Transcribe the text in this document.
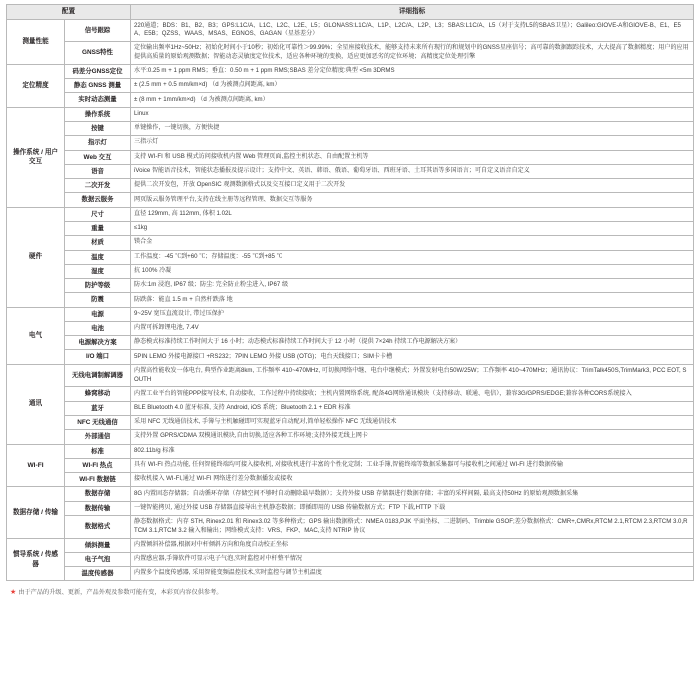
配置		详细指标
测量性能	信号跟踪	220通道；BDS：B1、B2、B3；GPS:L1C/A、L1C、L2C、L2E、L5；GLONASS:L1C/A、L1P、L2C/A、L2P、L3；SBAS:L1C/A、L5（对于支持L5的SBAS卫星）；Galileo:GIOVE-A和GIOVE-B、E1、E5A、E5B；QZSS、WAAS、MSAS、EGNOS、GAGAN（星基差分）
	GNSS特性	定位输出频率1Hz~50Hz；初始化时间小于10秒；初始化可靠性＞99.99%；全星座接收技术，能够支持未来所有现行的和规划中的GNSS星座信号；高可靠的数据跟踪技术，大大提高了数据精度；用户的应用提供高质量的原始观测数据；智能动态灵敏度定位技术，适应各种环境的变换，适应更加恶劣的定位环境；高精度定位处理引擎
定位精度	码差分GNSS定位	水平:0.25 m + 1 ppm RMS；垂直：0.50 m + 1 ppm RMS;SBAS 差分定位精度:典型 <5m 3DRMS
	静态 GNSS 测量	± (2.5 mm + 0.5 mm/km×d) （d 为被测点间距离, km）
	实时动态测量	± (8 mm + 1mm/km×d) （d 为被测点间距离, km）
操作系统 / 用户交互	操作系统	Linux
	按键	单键操作，一键切换，方便快捷
	指示灯	三指示灯
	Web 交互	支持 WI-FI 和 USB 模式访问接收机内置 Web 管理页面,监控主机状态、自由配置主机等
	语音	iVoice 智能语音技术，智能状态播报及提示设计；支持中文、英语、韩语、俄语、葡萄牙语、西班牙语、土耳其语等多国语言；可自定义语音自定义
	二次开发	提供二次开发包，开放 OpenSIC 观测数据格式以及交互接口定义用于二次开发
	数据云服务	网页版云服务管理平台,支持在线主册等远程管理、数据交互等服务
硬件	尺寸	直径 129mm, 高 112mm, 体积 1.02L
	重量	≤1kg
	材质	镁合金
	温度	工作温度：-45 ℃到+60 ℃；存储温度：-55 ℃到+85 ℃
	湿度	抗 100% 冷凝
	防护等级	防水:1m 浸泡, IP67 级；防尘: 完全防止粉尘进入, IP67 级
	防震	防跌落：能直 1.5 m + 自然杆跌落 地
电气	电源	9~25V 宽压直流设计, 带过压保护
	电池	内置可拆卸锂电池, 7.4V
	电源解决方案	静态模式标准持续工作时间大于 16 小时；动态模式标准持续工作时间大于 12 小时（提供 7×24h 持续工作电源解决方案）
	I/O 端口	5PIN LEMO 外接电源接口 +RS232；7PIN LEMO 外接 USB (OTG)；电台天线接口；SIM卡卡槽
通讯	无线电调制解调器	内置高性能收发一体电台, 典型作业距离8km, 工作频率 410~470MHz, 可切换网络中继、电台中继模式；外置发射电台50W/25W；工作频率 410~470MHz；通讯协议：TrimTalk450S,TrimMark3, PCC EOT, SOUTH
	蜂窝移动	内置工业平台的智能PPP接写技术, 自动接收、工作过程中持续接收；主机内置网络系统, 配备4G网络通讯模块（支持移动、联通、电信），兼容3G/GPRS/EDGE;兼容各种CORS系统接入
	蓝牙	BLE Bluetooth 4.0 蓝牙标准, 支持 Android, iOS 系统；Bluetooth 2.1 + EDR 标准
	NFC 无线通信	采用 NFC 无线通信技术, 手簿与主机触碰即可实现蓝牙自动配对,简单轻松操作 NFC 无线通信技术
	外部通信	支持外置 GPRS/CDMA 双模通讯模块,自由切换,适应各种工作环境;支持外接无线上网卡
WI-FI	标准	802.11b/g 标准
	WI-FI 热点	具有 WI-FI 热点功能, 任何智能终端均可接入接收机, 对接收机进行丰富的个性化定制；工业手簿,智能终端等数据采集器可与接收机之间通过 WI-FI 进行数据传输
	WI-FI 数据链	接收机接入 WI-FI,通过 WI-FI 网络进行差分数据播发或接收
数据存储 / 传输	数据存储	8G 内置固态存储器；自动循环存储（存储空间不够时自动删除最早数据）；支持外接 USB 存储器进行数据存储；丰富的采样间隔, 最高支持50Hz 的原始观测数据采集
	数据传输	一键智能拷贝, 通过外接 USB 存储器直接导出主机静态数据；即插即用的 USB 传输数据方式；FTP 下载,HTTP 下载
	数据格式	静态数据格式：内存 STH, Rinex2.01 和 Rinex3.02 等多种格式；GPS 输出数据格式：NMEA 0183,PJK 平面坐标、二进制码、Trimble GSOF;差分数据格式：CMR+,CMRx,RTCM 2.1,RTCM 2.3,RTCM 3.0,RTCM 3.1,RTCM 3.2 输入和输出；网络模式支持：VRS、FKP、MAC,支持 NTRIP 协议
惯导系统 / 传感器	倾斜测量	内置倾斜补偿器,根据对中杆倾斜方向和角度自动校正坐标
	电子气泡	内置感应器,手簿软件可显示电子气泡,实时监控对中杆整平情况
	温度传感器	内置多个温度传感器, 采用智能变频温控技术,实时监控与调节主机温度
★ 由于产品的升级、更新，产品外观及参数可能有变，本彩页内容仅供参考。
